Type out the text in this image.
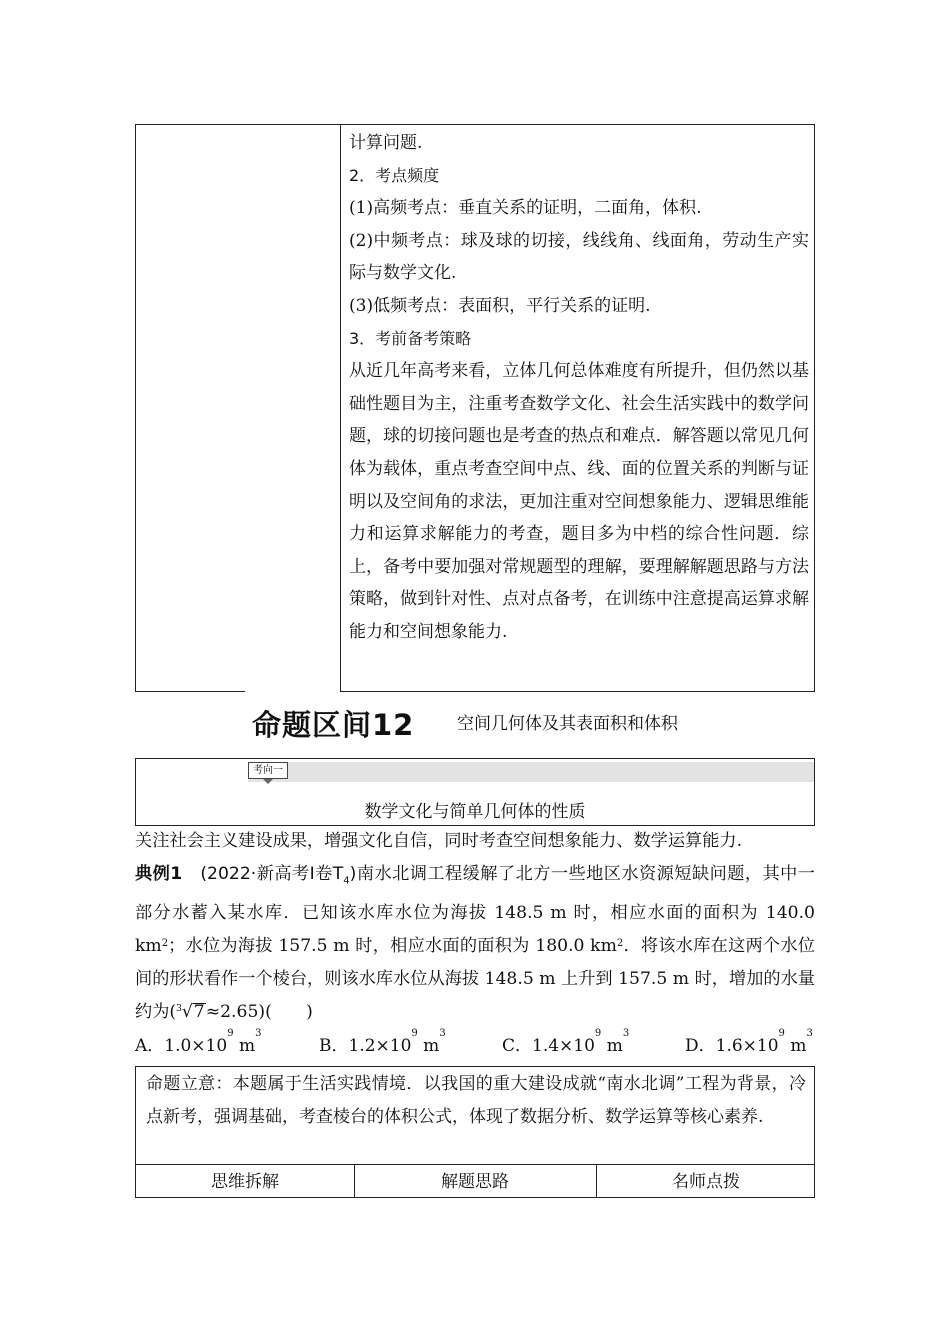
计算问题.

2．考点频度

(1)高频考点：垂直关系的证明，二面角，体积.

(2)中频考点：球及球的切接，线线角、线面角，劳动生产实际与数学文化.

(3)低频考点：表面积，平行关系的证明.

3．考前备考策略

从近几年高考来看，立体几何总体难度有所提升，但仍然以基础性题目为主，注重考查数学文化、社会生活实践中的数学问题，球的切接问题也是考查的热点和难点．解答题以常见几何体为载体，重点考查空间中点、线、面的位置关系的判断与证明以及空间角的求法，更加注重对空间想象能力、逻辑思维能力和运算求解能力的考查，题目多为中档的综合性问题．综上，备考中要加强对常规题型的理解，要理解解题思路与方法策略，做到针对性、点对点备考，在训练中注意提高运算求解能力和空间想象能力.

命题区间12	空间几何体及其表面积和体积
考向一
数学文化与简单几何体的性质
关注社会主义建设成果，增强文化自信，同时考查空间想象能力、数学运算能力.
典例1　 (2022·新高考Ⅰ卷$T_4$)南水北调工程缓解了北方一些地区水资源短缺问题，其中一部分水蓄入某水库．已知该水库水位为海拔 148.5 m 时，相应水面的面积为 140.0 $km^2$；水位为海拔 157.5 m 时，相应水面的面积为 180.0 $km^2$．将该水库在这两个水位间的形状看作一个棱台，则该水库水位从海拔 148.5 m 上升到 157.5 m 时，增加的水量约为($^3$√7≈2.65)(　　)
A．$1.0\times 10^9$ $m^3$
B．$1.2\times 10^9$ $m^3$
C．$1.4\times 10^9$ $m^3$
D．$1.6\times 10^9$ $m^3$
命题立意：本题属于生活实践情境．以我国的重大建设成就“南水北调”工程为背景，冷点新考，强调基础，考查棱台的体积公式，体现了数据分析、数学运算等核心素养.
思维拆解	解题思路	名师点拨
